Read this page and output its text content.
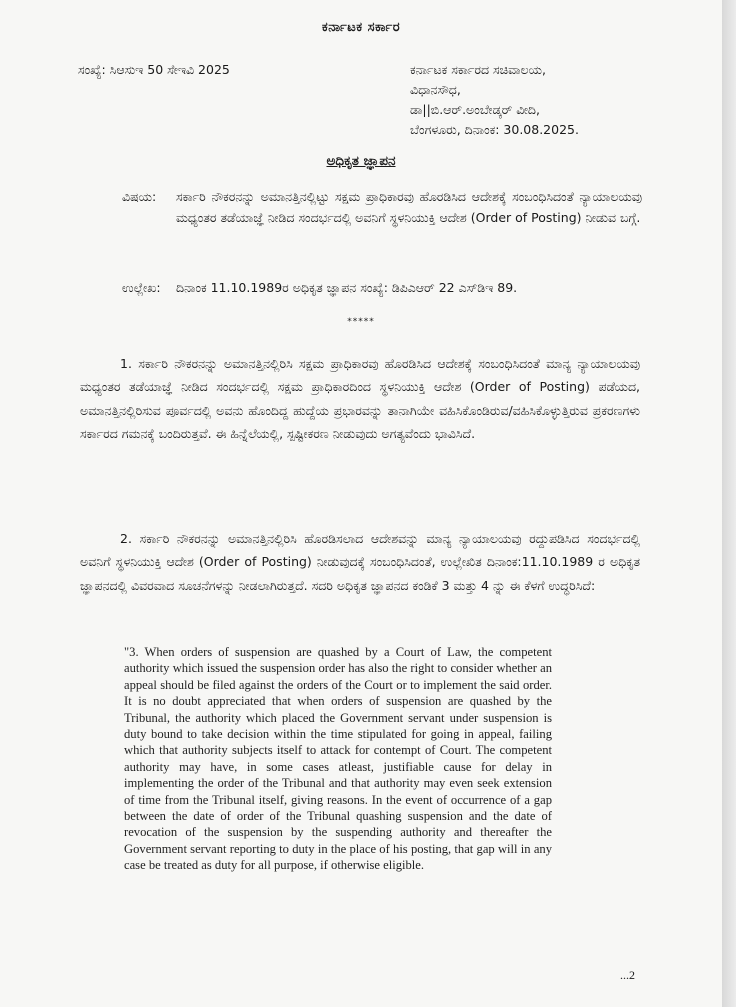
ಕರ್ನಾಟಕ ಸರ್ಕಾರ
ಸಂಖ್ಯೆ: ಸಿಆಸುಇ 50 ಸೇಇವಿ 2025	ಕರ್ನಾಟಕ ಸರ್ಕಾರದ ಸಚಿವಾಲಯ,
ವಿಧಾನಸೌಧ,
ಡಾ||ಬಿ.ಆರ್.ಅಂಬೇಡ್ಕರ್ ವೀದಿ,
ಬೆಂಗಳೂರು, ದಿನಾಂಕ: 30.08.2025.
ಅಧಿಕೃತ ಜ್ಞಾಪನ
ವಿಷಯ: ಸರ್ಕಾರಿ ನೌಕರನನ್ನು ಅಮಾನತ್ತಿನಲ್ಲಿಟ್ಟು ಸಕ್ಷಮ ಪ್ರಾಧಿಕಾರವು ಹೊರಡಿಸಿದ ಆದೇಶಕ್ಕೆ ಸಂಬಂಧಿಸಿದಂತೆ ನ್ಯಾಯಾಲಯವು ಮಧ್ಯಂತರ ತಡೆಯಾಜ್ಞೆ ನೀಡಿದ ಸಂದರ್ಭದಲ್ಲಿ ಅವನಿಗೆ ಸ್ಥಳನಿಯುಕ್ತಿ ಆದೇಶ (Order of Posting) ನೀಡುವ ಬಗ್ಗೆ.
ಉಲ್ಲೇಖ: ದಿನಾಂಕ 11.10.1989ರ ಅಧಿಕೃತ ಜ್ಞಾಪನ ಸಂಖ್ಯೆ: ಡಿಪಿಎಆರ್ 22 ಎಸ್‌ಡಿಇ 89.
*****
1. ಸರ್ಕಾರಿ ನೌಕರನನ್ನು ಅಮಾನತ್ತಿನಲ್ಲಿರಿಸಿ ಸಕ್ಷಮ ಪ್ರಾಧಿಕಾರವು ಹೊರಡಿಸಿದ ಆದೇಶಕ್ಕೆ ಸಂಬಂಧಿಸಿದಂತೆ ಮಾನ್ಯ ನ್ಯಾಯಾಲಯವು ಮಧ್ಯಂತರ ತಡೆಯಾಜ್ಞೆ ನೀಡಿದ ಸಂದರ್ಭದಲ್ಲಿ ಸಕ್ಷಮ ಪ್ರಾಧಿಕಾರದಿಂದ ಸ್ಥಳನಿಯುಕ್ತಿ ಆದೇಶ (Order of Posting) ಪಡೆಯದ, ಅಮಾನತ್ತಿನಲ್ಲಿರಿಸುವ ಪೂರ್ವದಲ್ಲಿ ಅವನು ಹೊಂದಿದ್ದ ಹುದ್ದೆಯ ಪ್ರಭಾರವನ್ನು ತಾನಾಗಿಯೇ ವಹಿಸಿಕೊಂಡಿರುವ/ವಹಿಸಿಕೊಳ್ಳುತ್ತಿರುವ ಪ್ರಕರಣಗಳು ಸರ್ಕಾರದ ಗಮನಕ್ಕೆ ಬಂದಿರುತ್ತವೆ. ಈ ಹಿನ್ನೆಲೆಯಲ್ಲಿ, ಸ್ಪಷ್ಟೀಕರಣ ನೀಡುವುದು ಅಗತ್ಯವೆಂದು ಭಾವಿಸಿದೆ.
2. ಸರ್ಕಾರಿ ನೌಕರನನ್ನು ಅಮಾನತ್ತಿನಲ್ಲಿರಿಸಿ ಹೊರಡಿಸಲಾದ ಆದೇಶವನ್ನು ಮಾನ್ಯ ನ್ಯಾಯಾಲಯವು ರದ್ದುಪಡಿಸಿದ ಸಂದರ್ಭದಲ್ಲಿ ಅವನಿಗೆ ಸ್ಥಳನಿಯುಕ್ತಿ ಆದೇಶ (Order of Posting) ನೀಡುವುದಕ್ಕೆ ಸಂಬಂಧಿಸಿದಂತೆ, ಉಲ್ಲೇಖಿತ ದಿನಾಂಕ:11.10.1989 ರ ಅಧಿಕೃತ ಜ್ಞಾಪನದಲ್ಲಿ ವಿವರವಾದ ಸೂಚನೆಗಳನ್ನು ನೀಡಲಾಗಿರುತ್ತದೆ. ಸದರಿ ಅಧಿಕೃತ ಜ್ಞಾಪನದ ಕಂಡಿಕೆ 3 ಮತ್ತು 4 ನ್ನು ಈ ಕೆಳಗೆ ಉದ್ಧರಿಸಿದೆ:
"3. When orders of suspension are quashed by a Court of Law, the competent authority which issued the suspension order has also the right to consider whether an appeal should be filed against the orders of the Court or to implement the said order. It is no doubt appreciated that when orders of suspension are quashed by the Tribunal, the authority which placed the Government servant under suspension is duty bound to take decision within the time stipulated for going in appeal, failing which that authority subjects itself to attack for contempt of Court. The competent authority may have, in some cases atleast, justifiable cause for delay in implementing the order of the Tribunal and that authority may even seek extension of time from the Tribunal itself, giving reasons. In the event of occurrence of a gap between the date of order of the Tribunal quashing suspension and the date of revocation of the suspension by the suspending authority and thereafter the Government servant reporting to duty in the place of his posting, that gap will in any case be treated as duty for all purpose, if otherwise eligible.
...2
